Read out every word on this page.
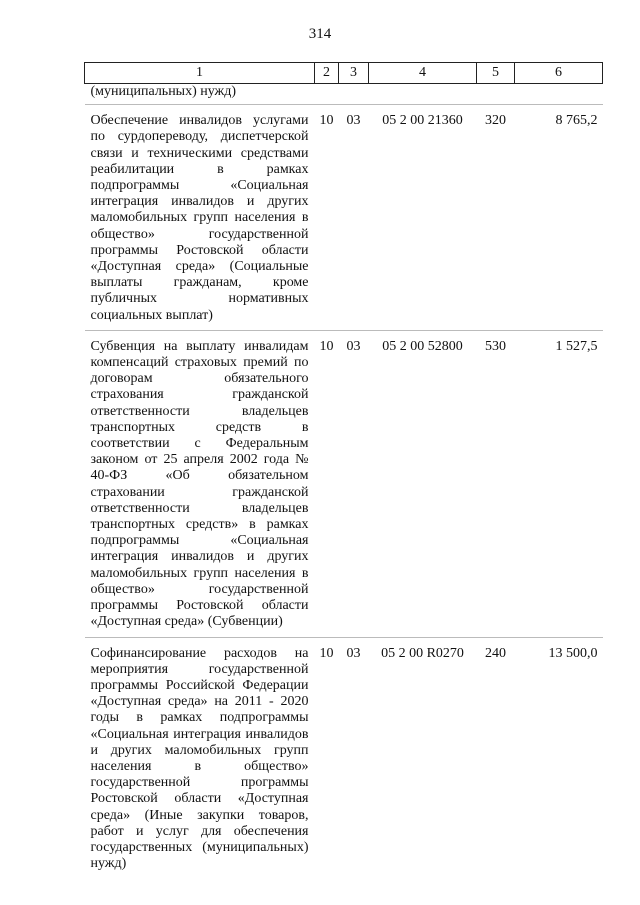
314
1	2	3	4	5	6
(муниципальных) нужд)					
Обеспечение инвалидов услугами по сурдопереводу, диспетчерской связи и техническими средствами реабилитации в рамках подпрограммы «Социальная интеграция инвалидов и других маломобильных групп населения в общество» государственной программы Ростовской области «Доступная среда» (Социальные выплаты гражданам, кроме публичных нормативных социальных выплат)	10	03	05 2 00 21360	320	8 765,2
Субвенция на выплату инвалидам компенсаций страховых премий по договорам обязательного страхования гражданской ответственности владельцев транспортных средств в соответствии с Федеральным законом от 25 апреля 2002 года № 40-ФЗ «Об обязательном страховании гражданской ответственности владельцев транспортных средств» в рамках подпрограммы «Социальная интеграция инвалидов и других маломобильных групп населения в общество» государственной программы Ростовской области «Доступная среда» (Субвенции)	10	03	05 2 00 52800	530	1 527,5
Софинансирование расходов на мероприятия государственной программы Российской Федерации «Доступная среда» на 2011 - 2020 годы в рамках подпрограммы «Социальная интеграция инвалидов и других маломобильных групп населения в общество» государственной программы Ростовской области «Доступная среда» (Иные закупки товаров, работ и услуг для обеспечения государственных (муниципальных) нужд)	10	03	05 2 00 R0270	240	13 500,0
